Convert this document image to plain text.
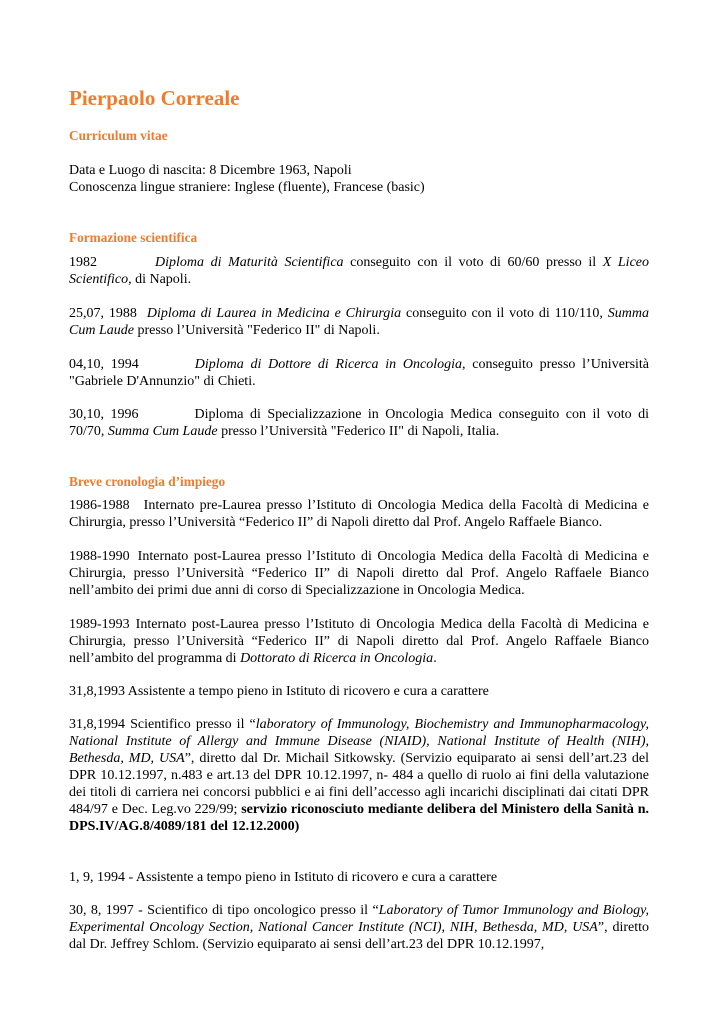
Pierpaolo Correale
Curriculum vitae
Data e Luogo di nascita: 8 Dicembre 1963, Napoli
Conoscenza lingue straniere: Inglese (fluente), Francese (basic)
Formazione scientifica
1982	Diploma di Maturità Scientifica conseguito con il voto di 60/60 presso il X Liceo Scientifico, di Napoli.
25,07, 1988 Diploma di Laurea in Medicina e Chirurgia conseguito con il voto di 110/110, Summa Cum Laude presso l’Università "Federico II" di Napoli.
04,10, 1994	Diploma di Dottore di Ricerca in Oncologia, conseguito presso l’Università "Gabriele D'Annunzio" di Chieti.
30,10, 1996	Diploma di Specializzazione in Oncologia Medica conseguito con il voto di 70/70, Summa Cum Laude presso l’Università "Federico II" di Napoli, Italia.
Breve cronologia d’impiego
1986-1988 Internato pre-Laurea presso l’Istituto di Oncologia Medica della Facoltà di Medicina e Chirurgia, presso l’Università “Federico II” di Napoli diretto dal Prof. Angelo Raffaele Bianco.
1988-1990 Internato post-Laurea presso l’Istituto di Oncologia Medica della Facoltà di Medicina e Chirurgia, presso l’Università “Federico II” di Napoli diretto dal Prof. Angelo Raffaele Bianco nell’ambito dei primi due anni di corso di Specializzazione in Oncologia Medica.
1989-1993 Internato post-Laurea presso l’Istituto di Oncologia Medica della Facoltà di Medicina e Chirurgia, presso l’Università “Federico II” di Napoli diretto dal Prof. Angelo Raffaele Bianco nell’ambito del programma di Dottorato di Ricerca in Oncologia.
31,8,1993 Assistente a tempo pieno in Istituto di ricovero e cura a carattere
31,8,1994 Scientifico presso il “laboratory of Immunology, Biochemistry and Immunopharmacology, National Institute of Allergy and Immune Disease (NIAID), National Institute of Health (NIH), Bethesda, MD, USA”, diretto dal Dr. Michail Sitkowsky. (Servizio equiparato ai sensi dell’art.23 del DPR 10.12.1997, n.483 e art.13 del DPR 10.12.1997, n- 484 a quello di ruolo ai fini della valutazione dei titoli di carriera nei concorsi pubblici e ai fini dell’accesso agli incarichi disciplinati dai citati DPR 484/97 e Dec. Leg.vo 229/99; servizio riconosciuto mediante delibera del Ministero della Sanità n. DPS.IV/AG.8/4089/181 del 12.12.2000)
1, 9, 1994 - Assistente a tempo pieno in Istituto di ricovero e cura a carattere
30, 8, 1997 - Scientifico di tipo oncologico presso il “Laboratory of Tumor Immunology and Biology, Experimental Oncology Section, National Cancer Institute (NCI), NIH, Bethesda, MD, USA”, diretto dal Dr. Jeffrey Schlom. (Servizio equiparato ai sensi dell’art.23 del DPR 10.12.1997,
